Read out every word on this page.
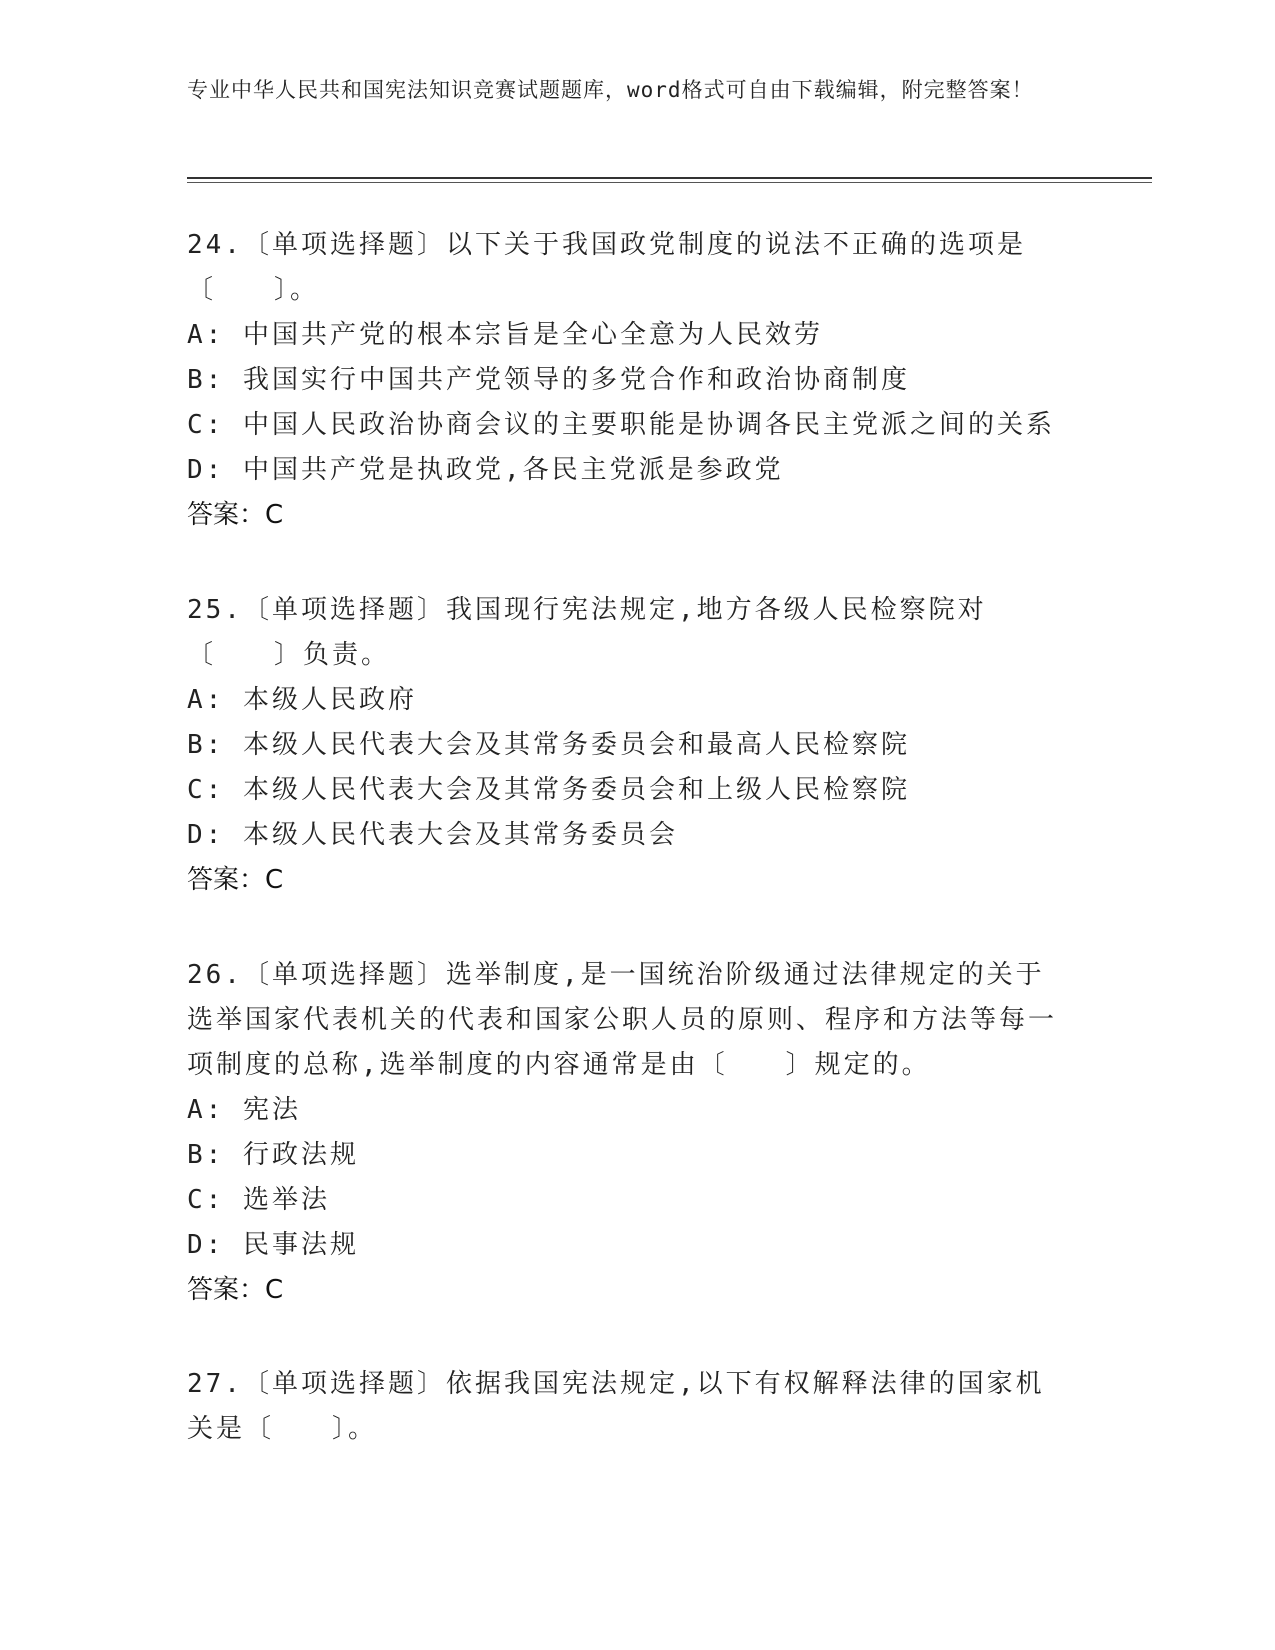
专业中华人民共和国宪法知识竞赛试题题库，word格式可自由下载编辑，附完整答案！

24.〔单项选择题〕以下关于我国政党制度的说法不正确的选项是〔　　〕。

A: 中国共产党的根本宗旨是全心全意为人民效劳

B: 我国实行中国共产党领导的多党合作和政治协商制度

C: 中国人民政治协商会议的主要职能是协调各民主党派之间的关系

D: 中国共产党是执政党,各民主党派是参政党

答案：C

25.〔单项选择题〕我国现行宪法规定,地方各级人民检察院对〔　　〕负责。

A: 本级人民政府

B: 本级人民代表大会及其常务委员会和最高人民检察院

C: 本级人民代表大会及其常务委员会和上级人民检察院

D: 本级人民代表大会及其常务委员会

答案：C

26.〔单项选择题〕选举制度,是一国统治阶级通过法律规定的关于选举国家代表机关的代表和国家公职人员的原则、程序和方法等每一项制度的总称,选举制度的内容通常是由〔　　〕规定的。

A: 宪法

B: 行政法规

C: 选举法

D: 民事法规

答案：C

27.〔单项选择题〕依据我国宪法规定,以下有权解释法律的国家机关是〔　　〕。
